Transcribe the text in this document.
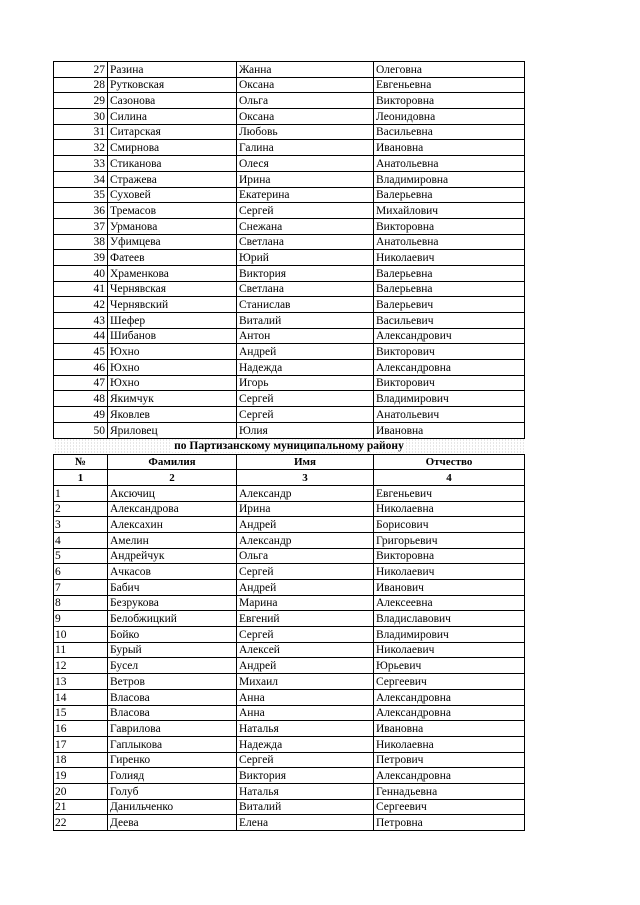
27	Разина	Жанна	Олеговна
28	Рутковская	Оксана	Евгеньевна
29	Сазонова	Ольга	Викторовна
30	Силина	Оксана	Леонидовна
31	Ситарская	Любовь	Васильевна
32	Смирнова	Галина	Ивановна
33	Стиканова	Олеся	Анатольевна
34	Стражева	Ирина	Владимировна
35	Суховей	Екатерина	Валерьевна
36	Тремасов	Сергей	Михайлович
37	Урманова	Снежана	Викторовна
38	Уфимцева	Светлана	Анатольевна
39	Фатеев	Юрий	Николаевич
40	Храменкова	Виктория	Валерьевна
41	Чернявская	Светлана	Валерьевна
42	Чернявский	Станислав	Валерьевич
43	Шефер	Виталий	Васильевич
44	Шибанов	Антон	Александрович
45	Юхно	Андрей	Викторович
46	Юхно	Надежда	Александровна
47	Юхно	Игорь	Викторович
48	Якимчук	Сергей	Владимирович
49	Яковлев	Сергей	Анатольевич
50	Яриловец	Юлия	Ивановна
по Партизанскому муниципальному району			
№	Фамилия	Имя	Отчество
1	2	3	4
1	Аксючиц	Александр	Евгеньевич
2	Александрова	Ирина	Николаевна
3	Алексахин	Андрей	Борисович
4	Амелин	Александр	Григорьевич
5	Андрейчук	Ольга	Викторовна
6	Ачкасов	Сергей	Николаевич
7	Бабич	Андрей	Иванович
8	Безрукова	Марина	Алексеевна
9	Белобжицкий	Евгений	Владиславович
10	Бойко	Сергей	Владимирович
11	Бурый	Алексей	Николаевич
12	Бусел	Андрей	Юрьевич
13	Ветров	Михаил	Сергеевич
14	Власова	Анна	Александровна
15	Власова	Анна	Александровна
16	Гаврилова	Наталья	Ивановна
17	Гаплыкова	Надежда	Николаевна
18	Гиренко	Сергей	Петрович
19	Голияд	Виктория	Александровна
20	Голуб	Наталья	Геннадьевна
21	Данильченко	Виталий	Сергеевич
22	Деева	Елена	Петровна
